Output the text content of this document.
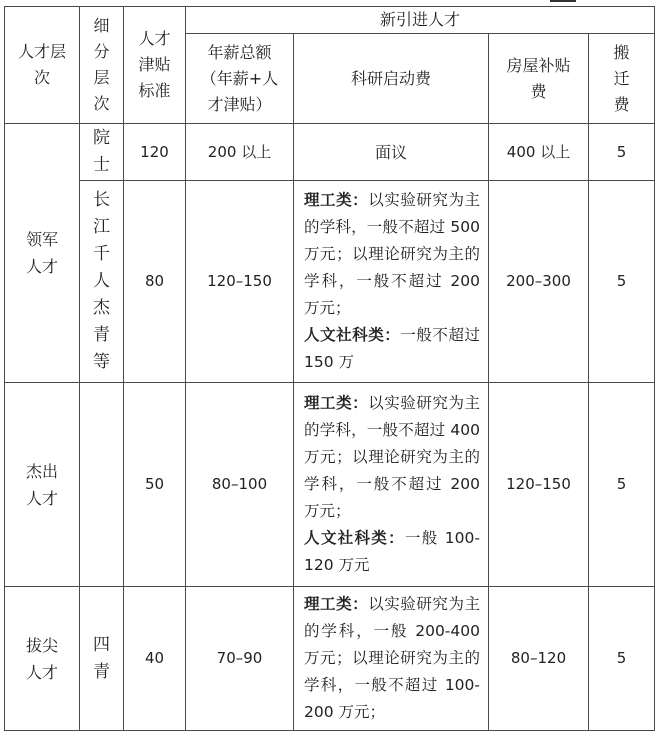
人才层次	细分层次	人才津贴标准	新引进人才			

			年薪总额（年薪+人才津贴）	科研启动费	房屋补贴费	搬迁费

领军人才	院士	120	200 以上	面议	400 以上	5

	长江千人杰青等	80	120–150	理工类：以实验研究为主的学科，一般不超过 500 万元；以理论研究为主的学科，一般不超过 200 万元；
人文社科类：一般不超过 150 万	200–300	5

杰出人才		50	80–100	理工类：以实验研究为主的学科，一般不超过 400 万元；以理论研究为主的学科，一般不超过 200 万元；
人文社科类：一般 100-120 万元	120–150	5

拔尖人才	四青	40	70–90	理工类：以实验研究为主的学科，一般 200-400 万元；以理论研究为主的学科，一般不超过 100-200 万元；	80–120	5
